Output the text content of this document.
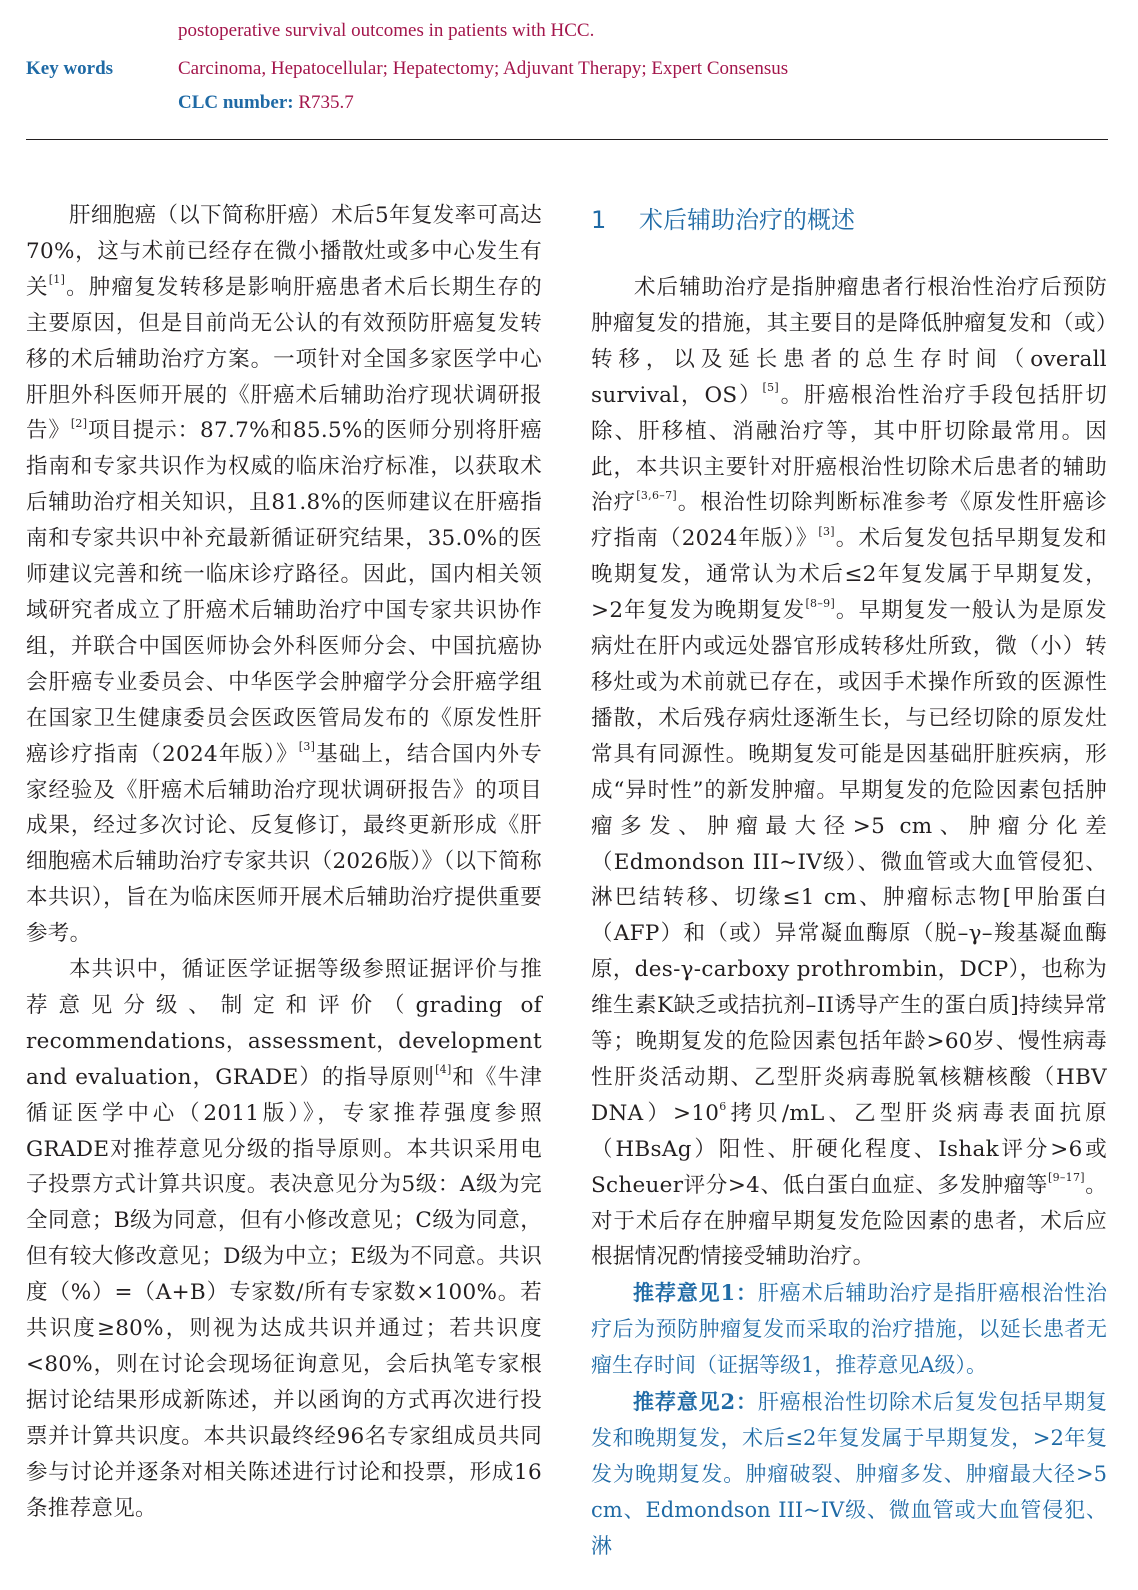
postoperative survival outcomes in patients with HCC.
Key words	Carcinoma, Hepatocellular; Hepatectomy; Adjuvant Therapy; Expert Consensus
CLC number: R735.7

肝细胞癌（以下简称肝癌）术后5年复发率可高达70%，这与术前已经存在微小播散灶或多中心发生有关[1]。肿瘤复发转移是影响肝癌患者术后长期生存的主要原因，但是目前尚无公认的有效预防肝癌复发转移的术后辅助治疗方案。一项针对全国多家医学中心肝胆外科医师开展的《肝癌术后辅助治疗现状调研报告》[2]项目提示：87.7%和85.5%的医师分别将肝癌指南和专家共识作为权威的临床治疗标准，以获取术后辅助治疗相关知识，且81.8%的医师建议在肝癌指南和专家共识中补充最新循证研究结果，35.0%的医师建议完善和统一临床诊疗路径。因此，国内相关领域研究者成立了肝癌术后辅助治疗中国专家共识协作组，并联合中国医师协会外科医师分会、中国抗癌协会肝癌专业委员会、中华医学会肿瘤学分会肝癌学组在国家卫生健康委员会医政医管局发布的《原发性肝癌诊疗指南（2024年版）》[3]基础上，结合国内外专家经验及《肝癌术后辅助治疗现状调研报告》的项目成果，经过多次讨论、反复修订，最终更新形成《肝细胞癌术后辅助治疗专家共识（2026版）》（以下简称本共识），旨在为临床医师开展术后辅助治疗提供重要参考。

本共识中，循证医学证据等级参照证据评价与推荐意见分级、制定和评价（grading of recommendations，assessment，development and evaluation，GRADE）的指导原则[4]和《牛津循证医学中心（2011版）》，专家推荐强度参照GRADE对推荐意见分级的指导原则。本共识采用电子投票方式计算共识度。表决意见分为5级：A级为完全同意；B级为同意，但有小修改意见；C级为同意，但有较大修改意见；D级为中立；E级为不同意。共识度（%）=（A+B）专家数/所有专家数×100%。若共识度≥80%，则视为达成共识并通过；若共识度<80%，则在讨论会现场征询意见，会后执笔专家根据讨论结果形成新陈述，并以函询的方式再次进行投票并计算共识度。本共识最终经96名专家组成员共同参与讨论并逐条对相关陈述进行讨论和投票，形成16条推荐意见。

1 术后辅助治疗的概述

术后辅助治疗是指肿瘤患者行根治性治疗后预防肿瘤复发的措施，其主要目的是降低肿瘤复发和（或）转移，以及延长患者的总生存时间（overall survival，OS）[5]。肝癌根治性治疗手段包括肝切除、肝移植、消融治疗等，其中肝切除最常用。因此，本共识主要针对肝癌根治性切除术后患者的辅助治疗[3,6–7]。根治性切除判断标准参考《原发性肝癌诊疗指南（2024年版）》[3]。术后复发包括早期复发和晚期复发，通常认为术后≤2年复发属于早期复发，>2年复发为晚期复发[8–9]。早期复发一般认为是原发病灶在肝内或远处器官形成转移灶所致，微（小）转移灶或为术前就已存在，或因手术操作所致的医源性播散，术后残存病灶逐渐生长，与已经切除的原发灶常具有同源性。晚期复发可能是因基础肝脏疾病，形成“异时性”的新发肿瘤。早期复发的危险因素包括肿瘤多发、肿瘤最大径>5 cm、肿瘤分化差（Edmondson III~IV级）、微血管或大血管侵犯、淋巴结转移、切缘≤1 cm、肿瘤标志物[甲胎蛋白（AFP）和（或）异常凝血酶原（脱–γ–羧基凝血酶原，des-γ-carboxy prothrombin，DCP），也称为维生素K缺乏或拮抗剂–II诱导产生的蛋白质]持续异常等；晚期复发的危险因素包括年龄>60岁、慢性病毒性肝炎活动期、乙型肝炎病毒脱氧核糖核酸（HBV $DNA)>10^6$拷贝/mL、乙型肝炎病毒表面抗原（HBsAg）阳性、肝硬化程度、Ishak评分>6或Scheuer评分>4、低白蛋白血症、多发肿瘤等[9–17]。对于术后存在肿瘤早期复发危险因素的患者，术后应根据情况酌情接受辅助治疗。

推荐意见1：肝癌术后辅助治疗是指肝癌根治性治疗后为预防肿瘤复发而采取的治疗措施，以延长患者无瘤生存时间（证据等级1，推荐意见A级）。

推荐意见2：肝癌根治性切除术后复发包括早期复发和晚期复发，术后≤2年复发属于早期复发，>2年复发为晚期复发。肿瘤破裂、肿瘤多发、肿瘤最大径>5 cm、Edmondson III~IV级、微血管或大血管侵犯、淋
